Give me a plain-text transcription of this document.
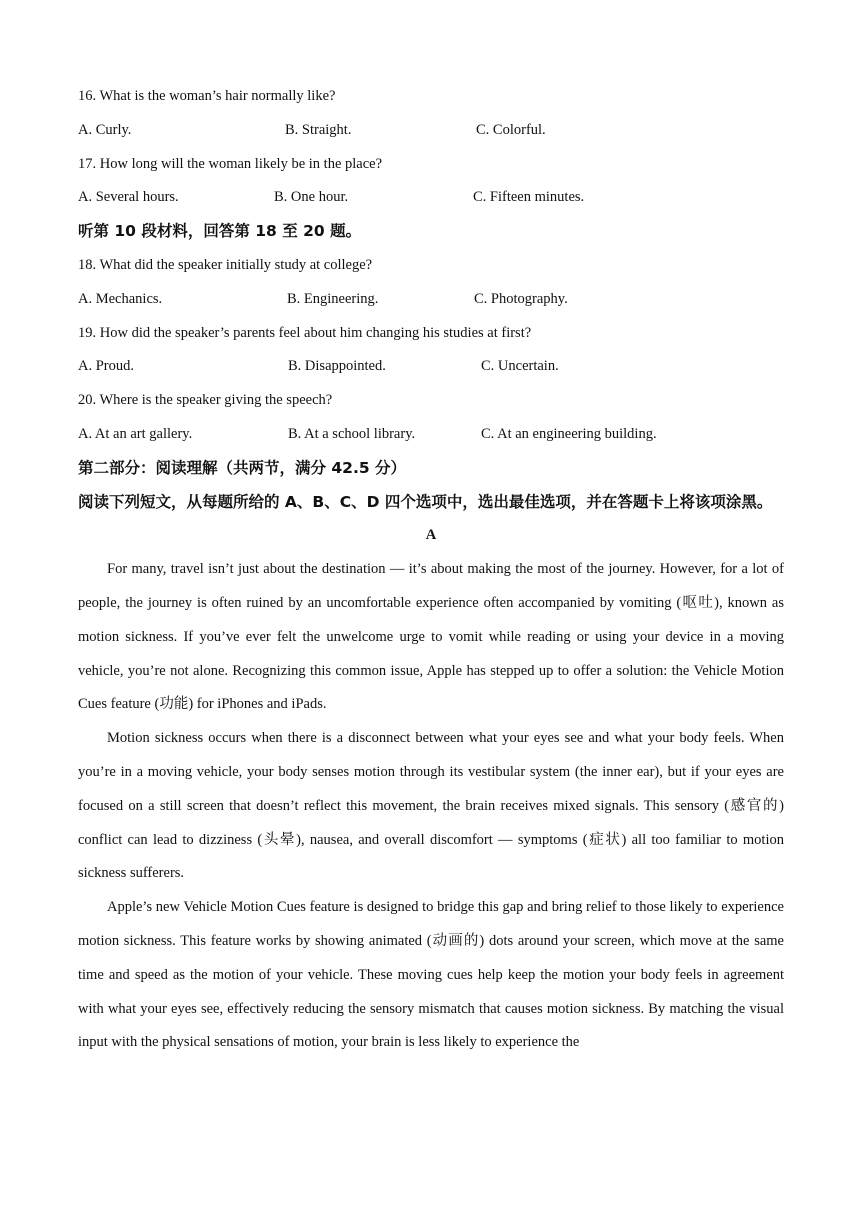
16. What is the woman’s hair normally like?
A. Curly.	B. Straight.	C. Colorful.
17. How long will the woman likely be in the place?
A. Several hours.	B. One hour.	C. Fifteen minutes.
听第 10 段材料，回答第 18 至 20 题。
18. What did the speaker initially study at college?
A. Mechanics.	B. Engineering.	C. Photography.
19. How did the speaker’s parents feel about him changing his studies at first?
A. Proud.	B. Disappointed.	C. Uncertain.
20. Where is the speaker giving the speech?
A. At an art gallery.	B. At a school library.	C. At an engineering building.
第二部分：阅读理解（共两节，满分 42.5 分）
阅读下列短文，从每题所给的 A、B、C、D 四个选项中，选出最佳选项，并在答题卡上将该项涂黑。
A

For many, travel isn’t just about the destination — it’s about making the most of the journey. However, for a lot of people, the journey is often ruined by an uncomfortable experience often accompanied by vomiting (呕吐), known as motion sickness. If you’ve ever felt the unwelcome urge to vomit while reading or using your device in a moving vehicle, you’re not alone. Recognizing this common issue, Apple has stepped up to offer a solution: the Vehicle Motion Cues feature (功能) for iPhones and iPads.

Motion sickness occurs when there is a disconnect between what your eyes see and what your body feels. When you’re in a moving vehicle, your body senses motion through its vestibular system (the inner ear), but if your eyes are focused on a still screen that doesn’t reflect this movement, the brain receives mixed signals. This sensory (感官的) conflict can lead to dizziness (头晕), nausea, and overall discomfort — symptoms (症状) all too familiar to motion sickness sufferers.

Apple’s new Vehicle Motion Cues feature is designed to bridge this gap and bring relief to those likely to experience motion sickness. This feature works by showing animated (动画的) dots around your screen, which move at the same time and speed as the motion of your vehicle. These moving cues help keep the motion your body feels in agreement with what your eyes see, effectively reducing the sensory mismatch that causes motion sickness. By matching the visual input with the physical sensations of motion, your brain is less likely to experience the
